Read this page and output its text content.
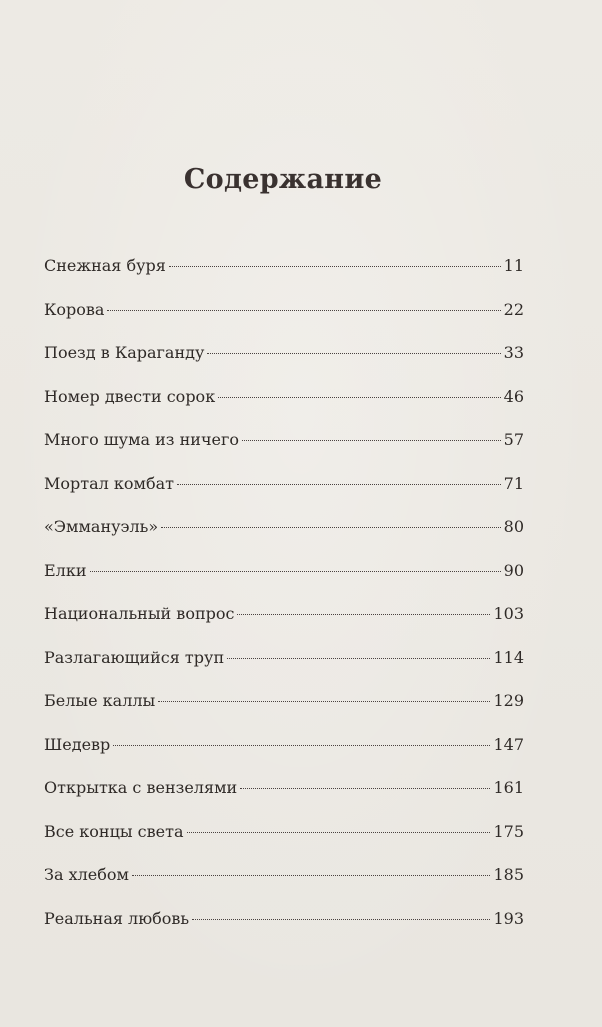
Содержание
Снежная буря	11
Корова	22
Поезд в Караганду	33
Номер двести сорок	46
Много шума из ничего	57
Мортал комбат	71
«Эммануэль»	80
Елки	90
Национальный вопрос	103
Разлагающийся труп	114
Белые каллы	129
Шедевр	147
Открытка с вензелями	161
Все концы света	175
За хлебом	185
Реальная любовь	193
